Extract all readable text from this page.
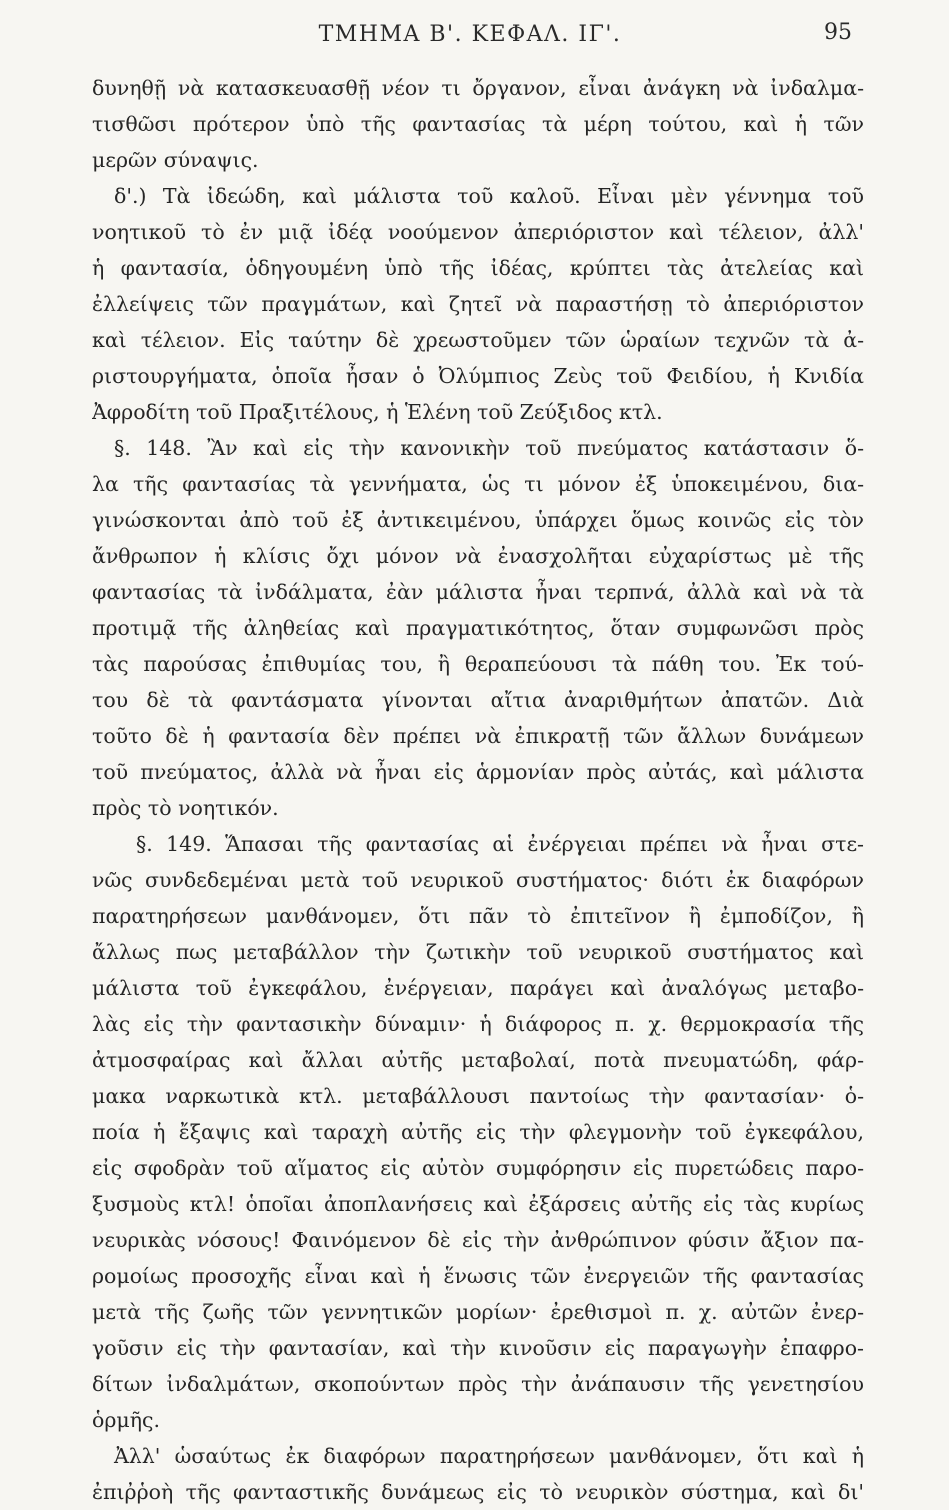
ΤΜΗΜΑ Β'. ΚΕΦΑΛ. ΙΓ'.	95
δυνηθῇ νὰ κατασκευασθῇ νέον τι ὄργανον, εἶναι ἀνάγκη νὰ ἰνδαλμα-
τισθῶσι πρότερον ὑπὸ τῆς φαντασίας τὰ μέρη τούτου, καὶ ἡ τῶν
μερῶν σύναψις.
δ'.) Τὰ ἰδεώδη, καὶ μάλιστα τοῦ καλοῦ. Εἶναι μὲν γέννημα τοῦ
νοητικοῦ τὸ ἐν μιᾷ ἰδέᾳ νοούμενον ἀπεριόριστον καὶ τέλειον, ἀλλ'
ἡ φαντασία, ὁδηγουμένη ὑπὸ τῆς ἰδέας, κρύπτει τὰς ἀτελείας καὶ
ἐλλείψεις τῶν πραγμάτων, καὶ ζητεῖ νὰ παραστήσῃ τὸ ἀπεριόριστον
καὶ τέλειον. Εἰς ταύτην δὲ χρεωστοῦμεν τῶν ὡραίων τεχνῶν τὰ ἀ-
ριστουργήματα, ὁποῖα ἦσαν ὁ Ὀλύμπιος Ζεὺς τοῦ Φειδίου, ἡ Κνιδία
Ἀφροδίτη τοῦ Πραξιτέλους, ἡ Ἑλένη τοῦ Ζεύξιδος κτλ.
§. 148. Ἂν καὶ εἰς τὴν κανονικὴν τοῦ πνεύματος κατάστασιν ὅ-
λα τῆς φαντασίας τὰ γεννήματα, ὡς τι μόνον ἐξ ὑποκειμένου, δια-
γινώσκονται ἀπὸ τοῦ ἐξ ἀντικειμένου, ὑπάρχει ὅμως κοινῶς εἰς τὸν
ἄνθρωπον ἡ κλίσις ὄχι μόνον νὰ ἐνασχολῆται εὐχαρίστως μὲ τῆς
φαντασίας τὰ ἰνδάλματα, ἐὰν μάλιστα ἦναι τερπνά, ἀλλὰ καὶ νὰ τὰ
προτιμᾷ τῆς ἀληθείας καὶ πραγματικότητος, ὅταν συμφωνῶσι πρὸς
τὰς παρούσας ἐπιθυμίας του, ἢ θεραπεύουσι τὰ πάθη του. Ἐκ τού-
του δὲ τὰ φαντάσματα γίνονται αἴτια ἀναριθμήτων ἀπατῶν. Διὰ
τοῦτο δὲ ἡ φαντασία δὲν πρέπει νὰ ἐπικρατῇ τῶν ἄλλων δυνάμεων
τοῦ πνεύματος, ἀλλὰ νὰ ἦναι εἰς ἁρμονίαν πρὸς αὐτάς, καὶ μάλιστα
πρὸς τὸ νοητικόν.
§. 149. Ἅπασαι τῆς φαντασίας αἱ ἐνέργειαι πρέπει νὰ ἦναι στε-
νῶς συνδεδεμέναι μετὰ τοῦ νευρικοῦ συστήματος· διότι ἐκ διαφόρων
παρατηρήσεων μανθάνομεν, ὅτι πᾶν τὸ ἐπιτεῖνον ἢ ἐμποδίζον, ἢ
ἄλλως πως μεταβάλλον τὴν ζωτικὴν τοῦ νευρικοῦ συστήματος καὶ
μάλιστα τοῦ ἐγκεφάλου, ἐνέργειαν, παράγει καὶ ἀναλόγως μεταβο-
λὰς εἰς τὴν φαντασικὴν δύναμιν· ἡ διάφορος π. χ. θερμοκρασία τῆς
ἀτμοσφαίρας καὶ ἄλλαι αὐτῆς μεταβολαί, ποτὰ πνευματώδη, φάρ-
μακα ναρκωτικὰ κτλ. μεταβάλλουσι παντοίως τὴν φαντασίαν· ὁ-
ποία ἡ ἔξαψις καὶ ταραχὴ αὐτῆς εἰς τὴν φλεγμονὴν τοῦ ἐγκεφάλου,
εἰς σφοδρὰν τοῦ αἵματος εἰς αὐτὸν συμφόρησιν εἰς πυρετώδεις παρο-
ξυσμοὺς κτλ! ὁποῖαι ἀποπλανήσεις καὶ ἐξάρσεις αὐτῆς εἰς τὰς κυρίως
νευρικὰς νόσους! Φαινόμενον δὲ εἰς τὴν ἀνθρώπινον φύσιν ἄξιον πα-
ρομοίως προσοχῆς εἶναι καὶ ἡ ἕνωσις τῶν ἐνεργειῶν τῆς φαντασίας
μετὰ τῆς ζωῆς τῶν γεννητικῶν μορίων· ἐρεθισμοὶ π. χ. αὐτῶν ἐνερ-
γοῦσιν εἰς τὴν φαντασίαν, καὶ τὴν κινοῦσιν εἰς παραγωγὴν ἐπαφρο-
δίτων ἰνδαλμάτων, σκοπούντων πρὸς τὴν ἀνάπαυσιν τῆς γενετησίου
ὁρμῆς.
Ἀλλ' ὡσαύτως ἐκ διαφόρων παρατηρήσεων μανθάνομεν, ὅτι καὶ ἡ
ἐπιῤῥοὴ τῆς φανταστικῆς δυνάμεως εἰς τὸ νευρικὸν σύστημα, καὶ δι'
